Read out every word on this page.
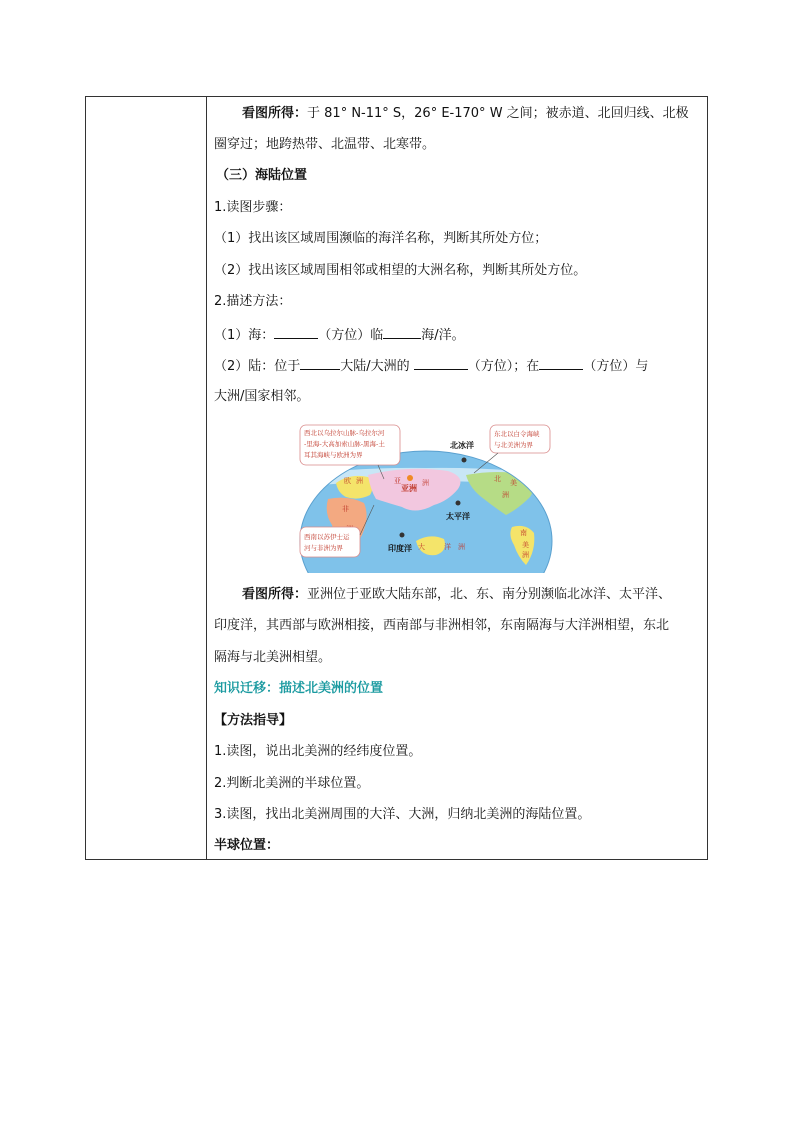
看图所得：于 81° N-11° S，26° E-170° W 之间；被赤道、北回归线、北极
圈穿过；地跨热带、北温带、北寒带。
（三）海陆位置
1.读图步骤：
（1）找出该区域周围濒临的海洋名称，判断其所处方位；
（2）找出该区域周围相邻或相望的大洲名称，判断其所处方位。
2.描述方法：
（1）海：	（方位）临	海/洋。
（2）陆：位于	大陆/大洲的	（方位）；在	（方位）与
大洲/国家相邻。
欧 洲	亚	洲
非
北 美
洲
南
美
洲
大	洋 洲
亚洲
北冰洋
太平洋
印度洋
西北以乌拉尔山脉-乌拉尔河
-里海-大高加索山脉-黑海-土
耳其海峡与欧洲为界
东北以白令海峡
与北美洲为界
西南以苏伊士运
河与非洲为界
看图所得：亚洲位于亚欧大陆东部，北、东、南分别濒临北冰洋、太平洋、
印度洋，其西部与欧洲相接，西南部与非洲相邻，东南隔海与大洋洲相望，东北
隔海与北美洲相望。
知识迁移：描述北美洲的位置
【方法指导】
1.读图，说出北美洲的经纬度位置。
2.判断北美洲的半球位置。
3.读图，找出北美洲周围的大洋、大洲，归纳北美洲的海陆位置。
半球位置：
